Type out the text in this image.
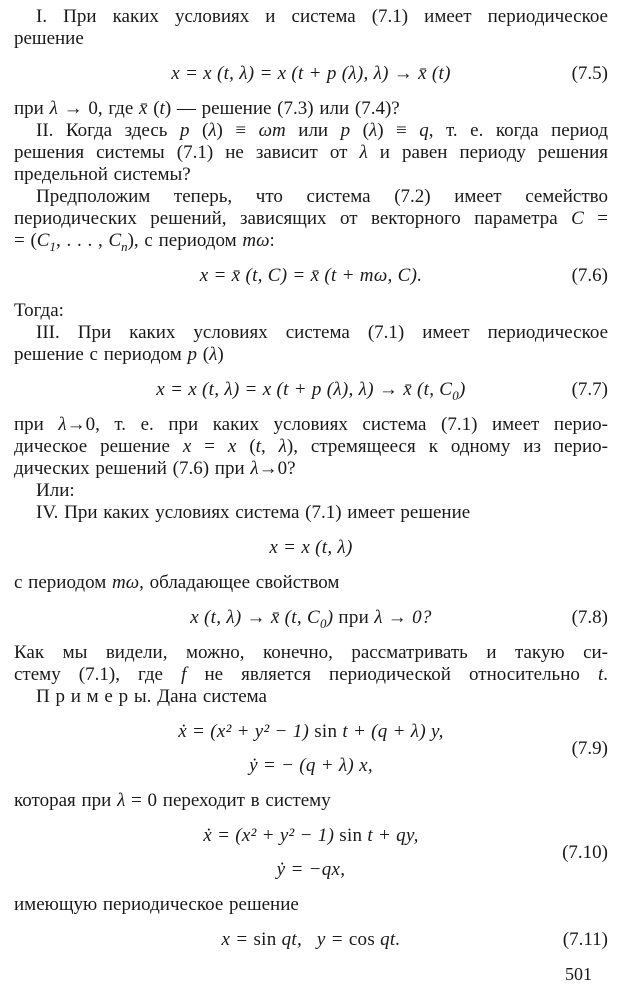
I. При каких условиях и система (7.1) имеет периодическое
решение
x = x (t, λ) = x (t + p (λ), λ) → x̄ (t)	(7.5)
при λ → 0, где x̄ (t) — решение (7.3) или (7.4)?
II. Когда здесь p (λ) ≡ ωm или p (λ) ≡ q, т. е. когда период
решения системы (7.1) не зависит от λ и равен периоду решения
предельной системы?
Предположим теперь, что система (7.2) имеет семейство
периодических решений, зависящих от векторного параметра C =
= ($C_1$, . . . , $C_n$), с периодом mω:
x = x̄ (t, C) = x̄ (t + mω, C).	(7.6)
Тогда:
III. При каких условиях система (7.1) имеет периодическое
решение с периодом p (λ)
x = x (t, λ) = x (t + p (λ), λ) → x̄ (t, $C_0$)	(7.7)
при λ→0, т. е. при каких условиях система (7.1) имеет перио-
дическое решение x = x (t, λ), стремящееся к одному из перио-
дических решений (7.6) при λ→0?
Или:
IV. При каких условиях система (7.1) имеет решение
x = x (t, λ)
с периодом mω, обладающее свойством
x (t, λ) → x̄ (t, $C_0$) при λ → 0?	(7.8)
Как мы видели, можно, конечно, рассматривать и такую си-
стему (7.1), где f не является периодической относительно t.
П р и м е р ы. Дана система
ẋ = (x² + y² − 1) sin t + (q + λ) y,
ẏ = − (q + λ) x,
(7.9)
которая при λ = 0 переходит в систему
ẋ = (x² + y² − 1) sin t + qy,
ẏ = −qx,
(7.10)
имеющую периодическое решение
x = sin qt,  y = cos qt.	(7.11)
501
